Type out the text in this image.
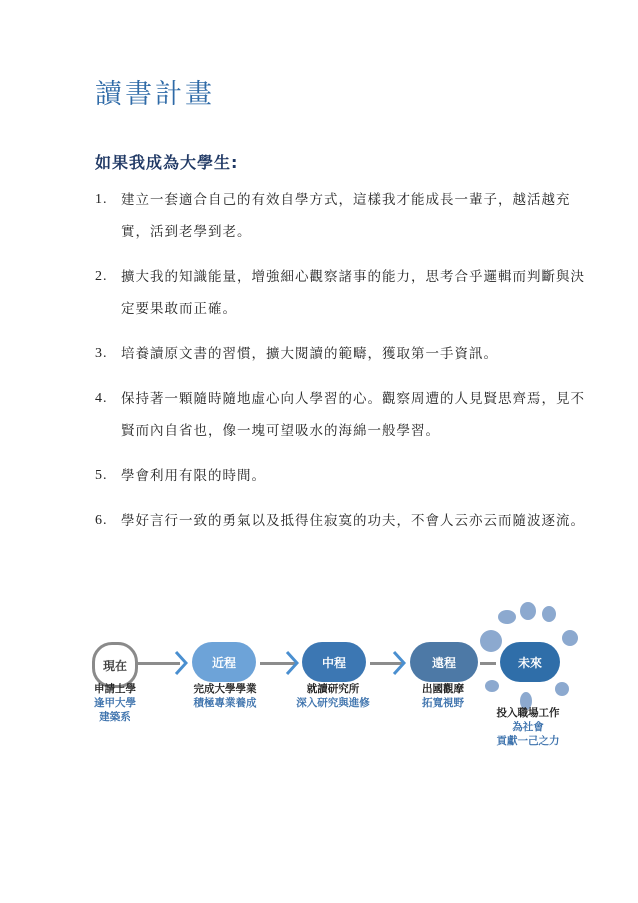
讀書計畫
如果我成為大學生:
1. 建立一套適合自己的有效自學方式，這樣我才能成長一輩子，越活越充實，活到老學到老。
2. 擴大我的知識能量，增強細心觀察諸事的能力，思考合乎邏輯而判斷與決定要果敢而正確。
3. 培養讀原文書的習慣，擴大閱讀的範疇，獲取第一手資訊。
4. 保持著一顆隨時隨地虛心向人學習的心。觀察周遭的人見賢思齊焉，見不賢而內自省也，像一塊可望吸水的海綿一般學習。
5. 學會利用有限的時間。
6. 學好言行一致的勇氣以及抵得住寂寞的功夫，不會人云亦云而隨波逐流。
現在	近程	中程	遠程	未來
申請上學
逢甲大學
建築系
完成大學學業
積極專業養成
就讀研究所
深入研究與進修
出國觀摩
拓寬視野
投入職場工作
為社會
貢獻一己之力
